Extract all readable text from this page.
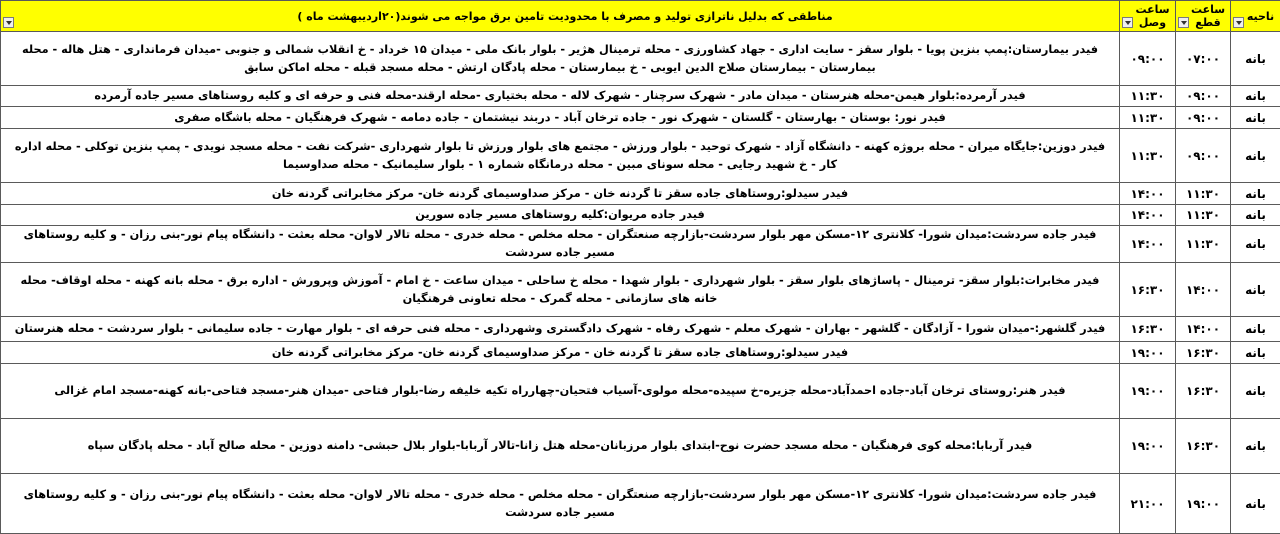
ناحیه	ساعت قطع	ساعت وصل	مناطقی که بدلیل ناترازی تولید و مصرف با محدودیت تامین برق مواجه می شوند(۲۰اردیبهشت ماه )

بانه	۰۷:۰۰	۰۹:۰۰	فیدر بیمارستان:پمپ بنزین پویا - بلوار سقز - سایت اداری - جهاد کشاورزی - محله ترمینال هژیر - بلوار بانک ملی - میدان ۱۵ خرداد - خ انقلاب شمالی و جنوبی -میدان فرمانداری - هتل هاله - محله بیمارستان - بیمارستان صلاح الدین ایوبی - خ بیمارستان - محله پادگان ارتش - محله مسجد قبله - محله اماکن سابق
بانه	۰۹:۰۰	۱۱:۳۰	فیدر آرمرده:بلوار هیمن-محله هنرستان - میدان مادر - شهرک سرچنار - شهرک لاله - محله بختیاری -محله ارقند-محله فنی و حرفه ای و کلیه روستاهای مسیر جاده آرمرده
بانه	۰۹:۰۰	۱۱:۳۰	فیدر نور: بوستان - بهارستان - گلستان - شهرک نور - جاده ترخان آباد - دربند نیشتمان - جاده دمامه - شهرک فرهنگیان - محله باشگاه صفری
بانه	۰۹:۰۰	۱۱:۳۰	فیدر دوزین:جایگاه میران - محله بروژه کهنه - دانشگاه آزاد - شهرک توحید - بلوار ورزش - مجتمع های بلوار ورزش تا بلوار شهرداری -شرکت نفت - محله مسجد نویدی - پمپ بنزین توکلی - محله اداره کار - خ شهید رجایی - محله سونای مبین - محله درمانگاه شماره ۱ - بلوار سلیمانیک - محله صداوسیما
بانه	۱۱:۳۰	۱۴:۰۰	فیدر سیدلو:روستاهای جاده سقز تا گردنه خان - مرکز صداوسیمای گردنه خان- مرکز مخابراتی گردنه خان
بانه	۱۱:۳۰	۱۴:۰۰	فیدر جاده مریوان:کلیه روستاهای مسیر جاده سورین
بانه	۱۱:۳۰	۱۴:۰۰	فیدر جاده سردشت:میدان شورا- کلانتری ۱۲-مسکن مهر بلوار سردشت-بازارچه صنعتگران - محله مخلص - محله خدری - محله تالار لاوان- محله بعثت - دانشگاه پیام نور-بنی رزان - و کلیه روستاهای مسیر جاده سردشت
بانه	۱۴:۰۰	۱۶:۳۰	فیدر مخابرات:بلوار سقز- ترمینال - پاساژهای بلوار سقز - بلوار شهرداری - بلوار شهدا - محله خ ساحلی - میدان ساعت - خ امام - آموزش وپرورش - اداره برق - محله بانه کهنه - محله اوقاف- محله خانه های سازمانی - محله گمرک - محله تعاونی فرهنگیان
بانه	۱۴:۰۰	۱۶:۳۰	فیدر گلشهر:-میدان شورا - آزادگان - گلشهر - بهاران - شهرک معلم - شهرک رفاه - شهرک دادگستری وشهرداری - محله فنی حرفه ای - بلوار مهارت - جاده سلیمانی - بلوار سردشت - محله هنرستان
بانه	۱۶:۳۰	۱۹:۰۰	فیدر سیدلو:روستاهای جاده سقز تا گردنه خان - مرکز صداوسیمای گردنه خان- مرکز مخابراتی گردنه خان
بانه	۱۶:۳۰	۱۹:۰۰	فیدر هنر:روستای ترخان آباد-جاده احمدآباد-محله جزیره-خ سپیده-محله مولوی-آسیاب فتحیان-چهارراه تکیه خلیفه رضا-بلوار فتاحی -میدان هنر-مسجد فتاحی-بانه کهنه-مسجد امام غزالی
بانه	۱۶:۳۰	۱۹:۰۰	فیدر آربابا:محله کوی فرهنگیان - محله مسجد حضرت نوح-ابتدای بلوار مرزبانان-محله هتل زانا-تالار آربابا-بلوار بلال حبشی- دامنه دوزین - محله صالح آباد - محله پادگان سپاه
بانه	۱۹:۰۰	۲۱:۰۰	فیدر جاده سردشت:میدان شورا- کلانتری ۱۲-مسکن مهر بلوار سردشت-بازارچه صنعتگران - محله مخلص - محله خدری - محله تالار لاوان- محله بعثت - دانشگاه پیام نور-بنی رزان - و کلیه روستاهای مسیر جاده سردشت
